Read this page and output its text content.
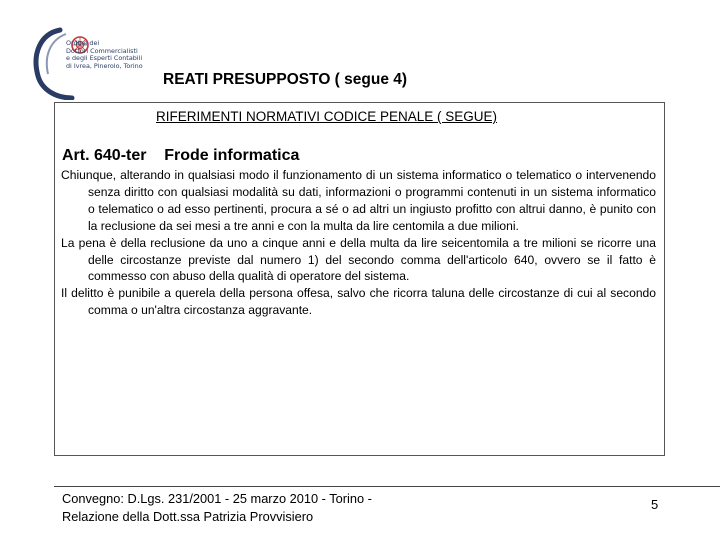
Ordine dei
Dottori Commercialisti
e degli Esperti Contabili
di Ivrea, Pinerolo, Torino
REATI PRESUPPOSTO ( segue 4)
RIFERIMENTI NORMATIVI CODICE PENALE ( SEGUE)
Art. 640-ter    Frode informatica

Chiunque, alterando in qualsiasi modo il funzionamento di un sistema informatico o telematico o intervenendo senza diritto con qualsiasi modalità su dati, informazioni o programmi contenuti in un sistema informatico o telematico o ad esso pertinenti, procura a sé o ad altri un ingiusto profitto con altrui danno, è punito con la reclusione da sei mesi a tre anni e con la multa da lire centomila a due milioni.

La pena è della reclusione da uno a cinque anni e della multa da lire seicentomila a tre milioni se ricorre una delle circostanze previste dal numero 1) del secondo comma dell'articolo 640, ovvero se il fatto è commesso con abuso della qualità di operatore del sistema.

Il delitto è punibile a querela della persona offesa, salvo che ricorra taluna delle circostanze di cui al secondo comma o un'altra circostanza aggravante.

Convegno: D.Lgs. 231/2001 - 25 marzo 2010 - Torino -
Relazione della Dott.ssa Patrizia Provvisiero
5
